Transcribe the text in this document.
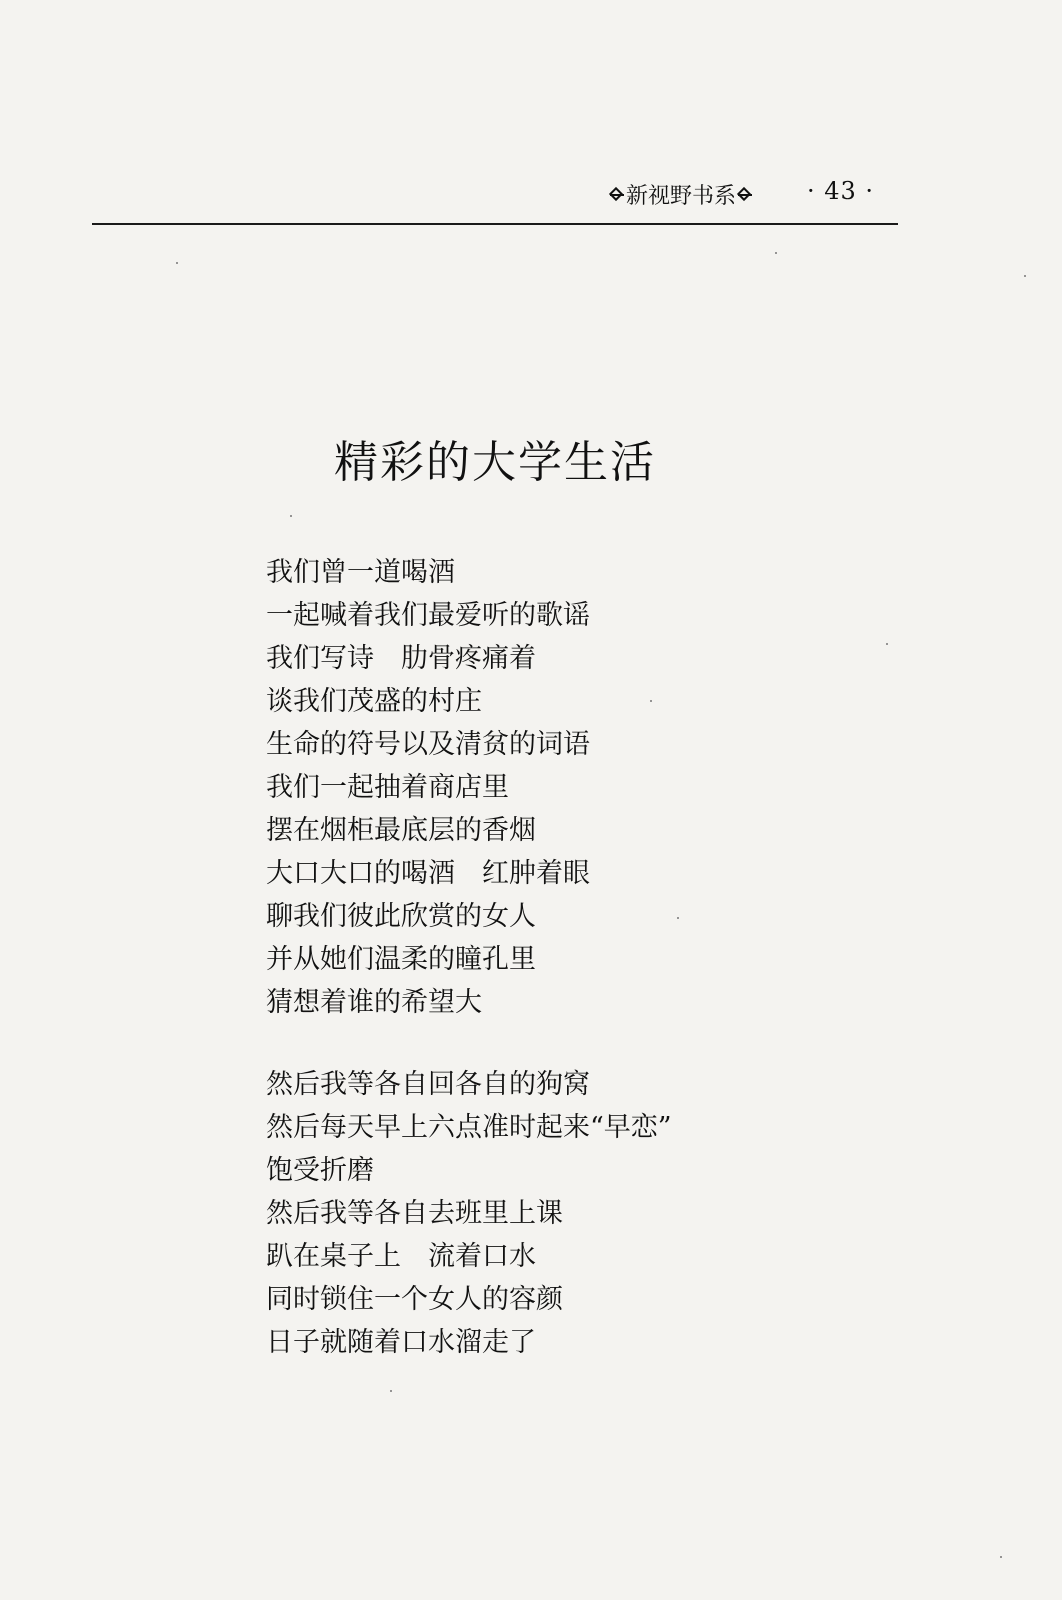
新视野书系	· 43 ·
精彩的大学生活
我们曾一道喝酒
一起喊着我们最爱听的歌谣
我们写诗　肋骨疼痛着
谈我们茂盛的村庄
生命的符号以及清贫的词语
我们一起抽着商店里
摆在烟柜最底层的香烟
大口大口的喝酒　红肿着眼
聊我们彼此欣赏的女人
并从她们温柔的瞳孔里
猜想着谁的希望大
然后我等各自回各自的狗窝
然后每天早上六点准时起来“早恋”
饱受折磨
然后我等各自去班里上课
趴在桌子上　流着口水
同时锁住一个女人的容颜
日子就随着口水溜走了
